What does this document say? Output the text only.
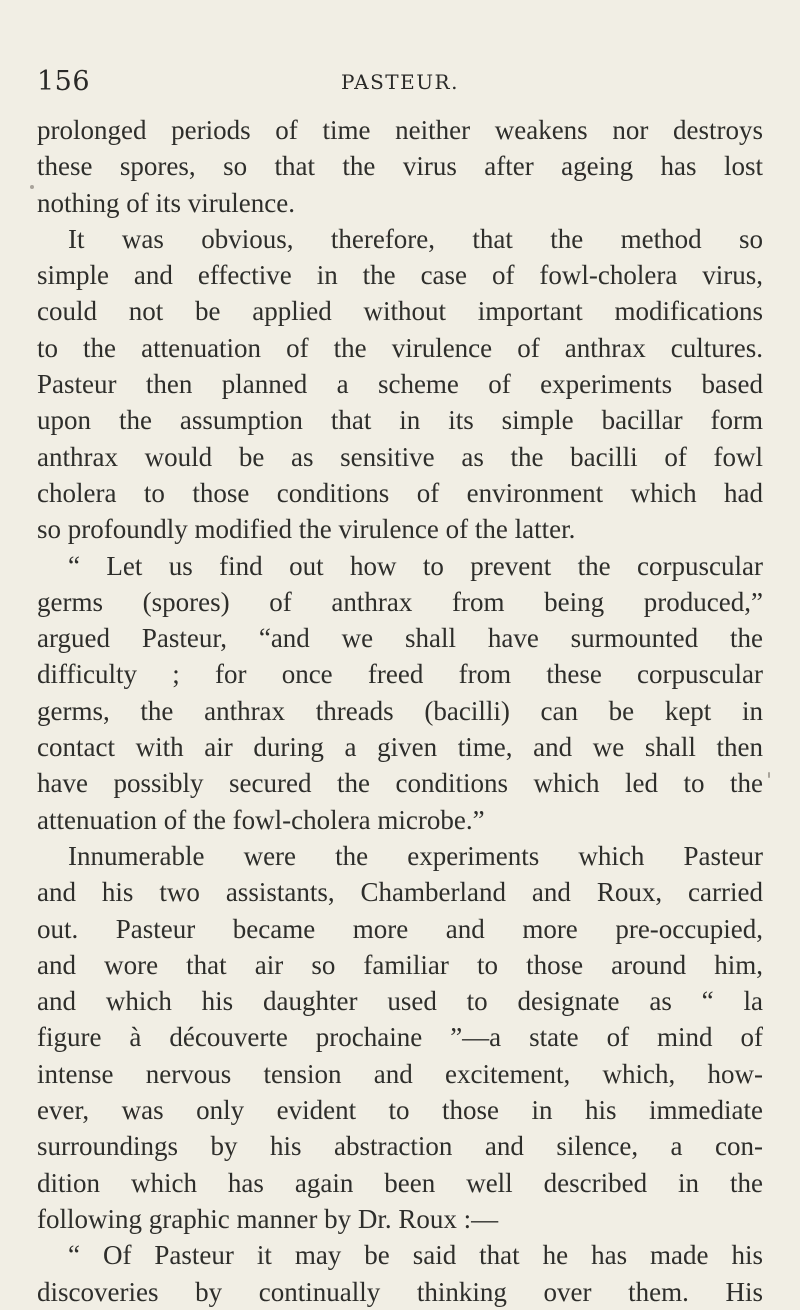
156	PASTEUR.
prolonged periods of time neither weakens nor destroys
these spores, so that the virus after ageing has lost
nothing of its virulence.
It was obvious, therefore, that the method so
simple and effective in the case of fowl-cholera virus,
could not be applied without important modifications
to the attenuation of the virulence of anthrax cultures.
Pasteur then planned a scheme of experiments based
upon the assumption that in its simple bacillar form
anthrax would be as sensitive as the bacilli of fowl
cholera to those conditions of environment which had
so profoundly modified the virulence of the latter.
“ Let us find out how to prevent the corpuscular
germs (spores) of anthrax from being produced,”
argued Pasteur, “and we shall have surmounted the
difficulty ; for once freed from these corpuscular
germs, the anthrax threads (bacilli) can be kept in
contact with air during a given time, and we shall then
have possibly secured the conditions which led to the
attenuation of the fowl-cholera microbe.”
Innumerable were the experiments which Pasteur
and his two assistants, Chamberland and Roux, carried
out. Pasteur became more and more pre-occupied,
and wore that air so familiar to those around him,
and which his daughter used to designate as “ la
figure à découverte prochaine ”—a state of mind of
intense nervous tension and excitement, which, how-
ever, was only evident to those in his immediate
surroundings by his abstraction and silence, a con-
dition which has again been well described in the
following graphic manner by Dr. Roux :—
“ Of Pasteur it may be said that he has made his
discoveries by continually thinking over them. His
